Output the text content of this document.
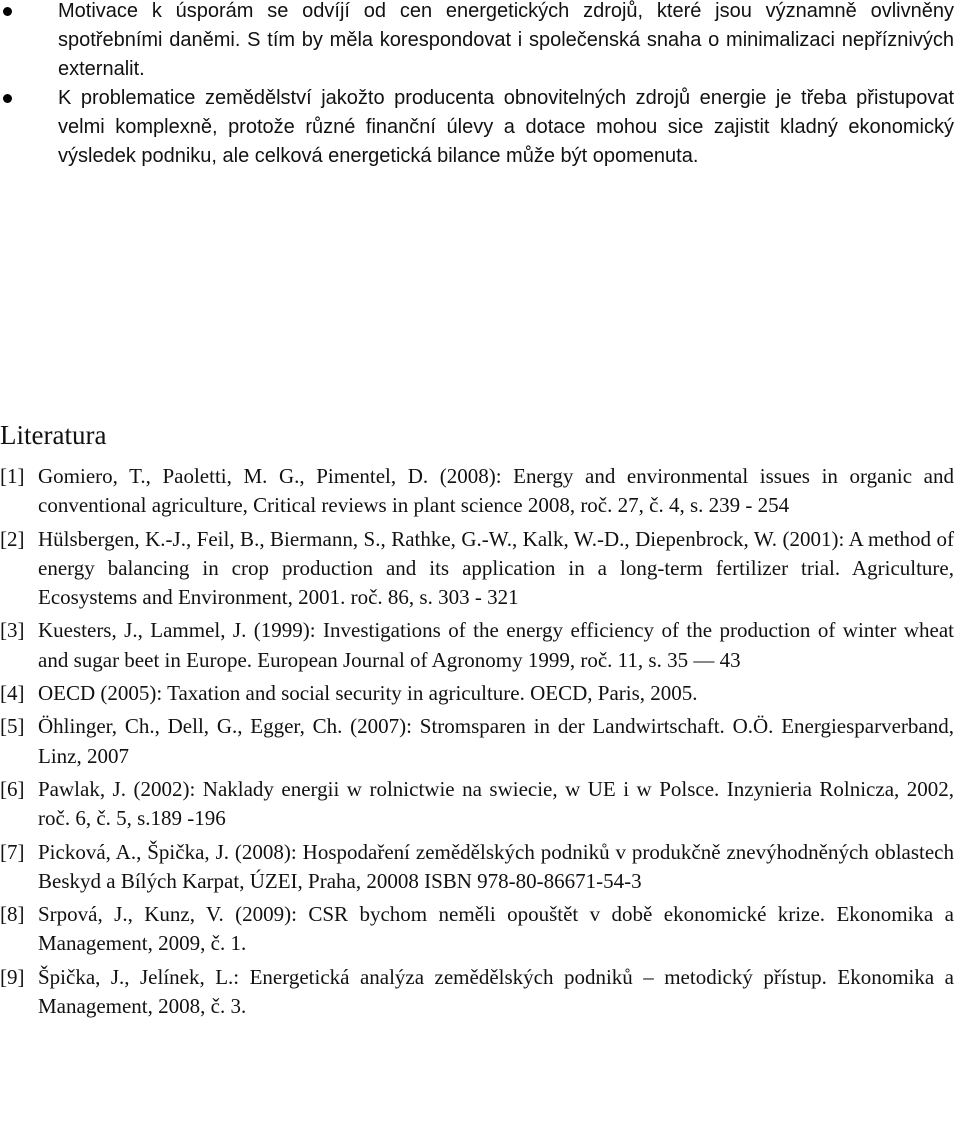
Motivace k úsporám se odvíjí od cen energetických zdrojů, které jsou významně ovlivněny spotřebními daněmi. S tím by měla korespondovat i společenská snaha o minimalizaci nepříznivých externalit.
K problematice zemědělství jakožto producenta obnovitelných zdrojů energie je třeba přistupovat velmi komplexně, protože různé finanční úlevy a dotace mohou sice zajistit kladný ekonomický výsledek podniku, ale celková energetická bilance může být opomenuta.
Literatura
[1] Gomiero, T., Paoletti, M. G., Pimentel, D. (2008): Energy and environmental issues in organic and conventional agriculture, Critical reviews in plant science 2008, roč. 27, č. 4, s. 239 - 254
[2] Hülsbergen, K.-J., Feil, B., Biermann, S., Rathke, G.-W., Kalk, W.-D., Diepenbrock, W. (2001): A method of energy balancing in crop production and its application in a long-term fertilizer trial. Agriculture, Ecosystems and Environment, 2001. roč. 86, s. 303 - 321
[3] Kuesters, J., Lammel, J. (1999): Investigations of the energy efficiency of the production of winter wheat and sugar beet in Europe. European Journal of Agronomy 1999, roč. 11, s. 35 — 43
[4] OECD (2005): Taxation and social security in agriculture. OECD, Paris, 2005.
[5] Öhlinger, Ch., Dell, G., Egger, Ch. (2007): Stromsparen in der Landwirtschaft. O.Ö. Energiesparverband, Linz, 2007
[6] Pawlak, J. (2002): Naklady energii w rolnictwie na swiecie, w UE i w Polsce. Inzynieria Rolnicza, 2002, roč. 6, č. 5, s.189 -196
[7] Picková, A., Špička, J. (2008): Hospodaření zemědělských podniků v produkčně znevýhodněných oblastech Beskyd a Bílých Karpat, ÚZEI, Praha, 20008 ISBN 978-80-86671-54-3
[8] Srpová, J., Kunz, V. (2009): CSR bychom neměli opouštět v době ekonomické krize. Ekonomika a Management, 2009, č. 1.
[9] Špička, J., Jelínek, L.: Energetická analýza zemědělských podniků – metodický přístup. Ekonomika a Management, 2008, č. 3.
